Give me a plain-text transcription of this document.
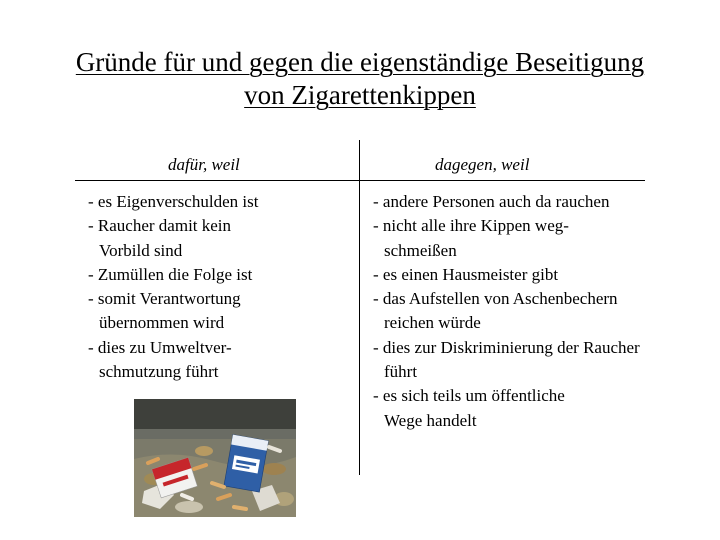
Gründe für und gegen die eigenständige Beseitigung
von Zigarettenkippen
dafür, weil	dagegen, weil
- es Eigenverschulden ist
- Raucher damit kein
Vorbild sind
- Zumüllen die Folge ist
- somit Verantwortung
übernommen wird
- dies zu Umweltver-
schmutzung führt
- andere Personen auch da rauchen
- nicht alle ihre Kippen weg-
schmeißen
- es einen Hausmeister gibt
- das Aufstellen von Aschenbechern
reichen würde
- dies zur Diskriminierung der Raucher
führt
- es sich teils um öffentliche
Wege handelt
